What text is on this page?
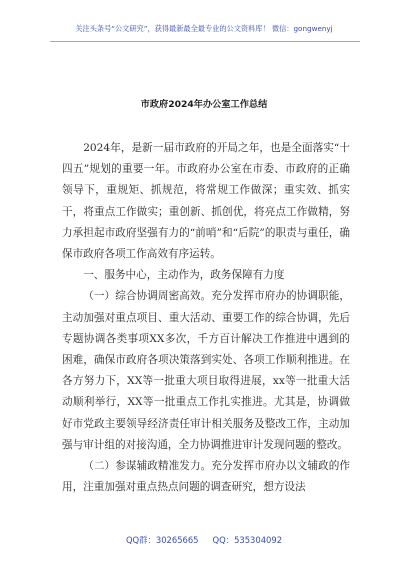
关注头条号“公文研究”，获得最新最全最专业的公文资料库！ 微信：gongwenyj
市政府2024年办公室工作总结

2024年，是新一届市政府的开局之年，也是全面落实“十四五”规划的重要一年。市政府办公室在市委、市政府的正确领导下，重规矩、抓规范，将常规工作做深；重实效、抓实干，将重点工作做实；重创新、抓创优，将亮点工作做精，努力承担起市政府坚强有力的“前哨”和“后院”的职责与重任，确保市政府各项工作高效有序运转。

一、服务中心，主动作为，政务保障有力度

（一）综合协调周密高效。充分发挥市府办的协调职能，主动加强对重点项目、重大活动、重要工作的综合协调，先后专题协调各类事项XX多次，千方百计解决工作推进中遇到的困难，确保市政府各项决策落到实处、各项工作顺利推进。在各方努力下，XX等一批重大项目取得进展，xx等一批重大活动顺利举行，XX等一批重点工作扎实推进。尤其是，协调做好市党政主要领导经济责任审计相关服务及整改工作，主动加强与审计组的对接沟通，全力协调推进审计发现问题的整改。

（二）参谋辅政精准发力。充分发挥市府办以文辅政的作用，注重加强对重点热点问题的调查研究，想方设法

QQ群：30265665 QQ：535304092
